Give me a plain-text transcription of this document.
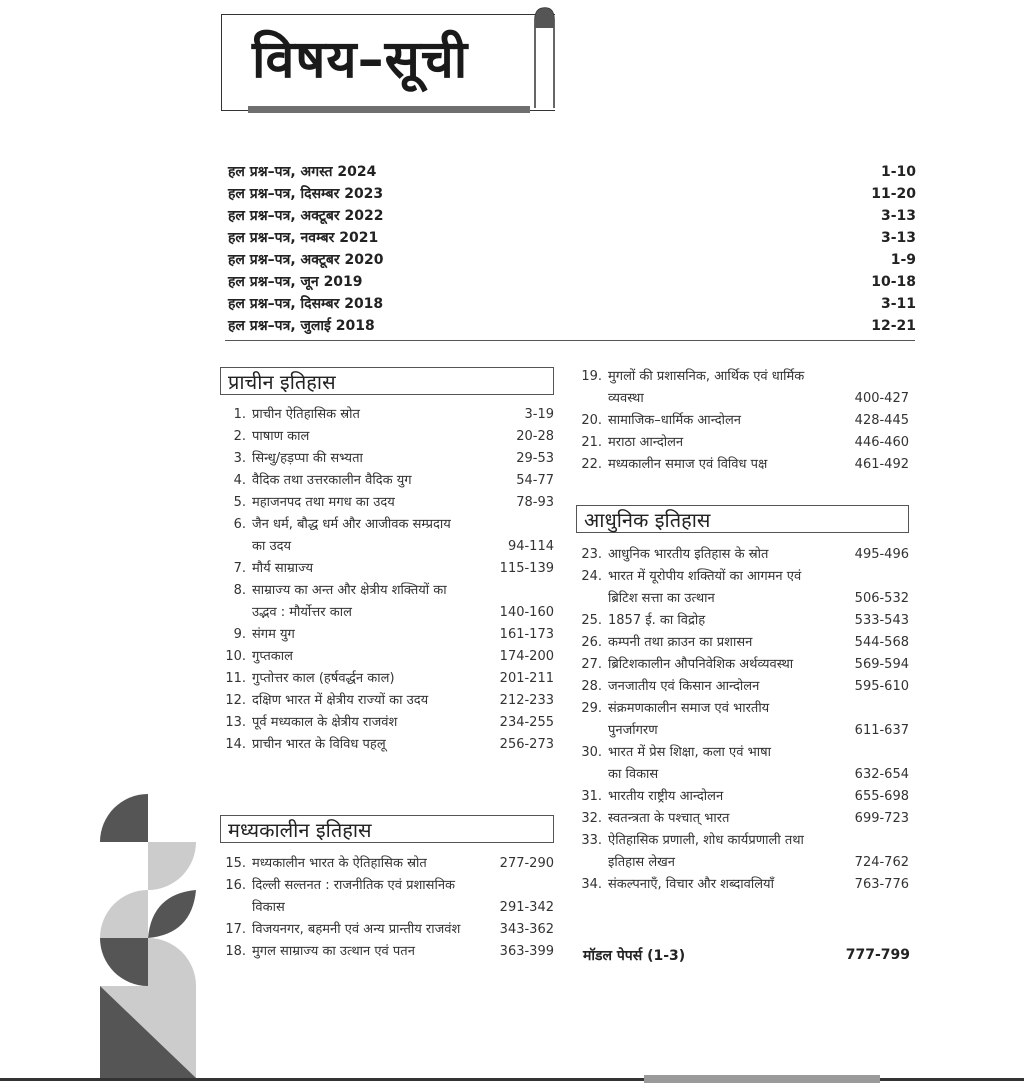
विषय–सूची
हल प्रश्न–पत्र, अगस्त 2024	1-10
हल प्रश्न–पत्र, दिसम्बर 2023	11-20
हल प्रश्न–पत्र, अक्टूबर 2022	3-13
हल प्रश्न–पत्र, नवम्बर 2021	3-13
हल प्रश्न–पत्र, अक्टूबर 2020	1-9
हल प्रश्न–पत्र, जून 2019	10-18
हल प्रश्न–पत्र, दिसम्बर 2018	3-11
हल प्रश्न–पत्र, जुलाई 2018	12-21
प्राचीन इतिहास
मध्यकालीन इतिहास
आधुनिक इतिहास
1. प्राचीन ऐतिहासिक स्रोत	3-19
2. पाषाण काल	20-28
3. सिन्धु/हड़प्पा की सभ्यता	29-53
4. वैदिक तथा उत्तरकालीन वैदिक युग	54-77
5. महाजनपद तथा मगध का उदय	78-93
6. जैन धर्म, बौद्ध धर्म और आजीवक सम्प्रदाय
का उदय	94-114
7. मौर्य साम्राज्य	115-139
8. साम्राज्य का अन्त और क्षेत्रीय शक्तियों का
उद्भव : मौर्योत्तर काल	140-160
9. संगम युग	161-173
10. गुप्तकाल	174-200
11. गुप्तोत्तर काल (हर्षवर्द्धन काल)	201-211
12. दक्षिण भारत में क्षेत्रीय राज्यों का उदय	212-233
13. पूर्व मध्यकाल के क्षेत्रीय राजवंश	234-255
14. प्राचीन भारत के विविध पहलू	256-273
15. मध्यकालीन भारत के ऐतिहासिक स्रोत	277-290
16. दिल्ली सल्तनत : राजनीतिक एवं प्रशासनिक
विकास	291-342
17. विजयनगर, बहमनी एवं अन्य प्रान्तीय राजवंश	343-362
18. मुगल साम्राज्य का उत्थान एवं पतन	363-399
19. मुगलों की प्रशासनिक, आर्थिक एवं धार्मिक
व्यवस्था	400-427
20. सामाजिक–धार्मिक आन्दोलन	428-445
21. मराठा आन्दोलन	446-460
22. मध्यकालीन समाज एवं विविध पक्ष	461-492
23. आधुनिक भारतीय इतिहास के स्रोत	495-496
24. भारत में यूरोपीय शक्तियों का आगमन एवं
ब्रिटिश सत्ता का उत्थान	506-532
25. 1857 ई. का विद्रोह	533-543
26. कम्पनी तथा क्राउन का प्रशासन	544-568
27. ब्रिटिशकालीन औपनिवेशिक अर्थव्यवस्था	569-594
28. जनजातीय एवं किसान आन्दोलन	595-610
29. संक्रमणकालीन समाज एवं भारतीय
पुनर्जागरण	611-637
30. भारत में प्रेस शिक्षा, कला एवं भाषा
का विकास	632-654
31. भारतीय राष्ट्रीय आन्दोलन	655-698
32. स्वतन्त्रता के पश्चात् भारत	699-723
33. ऐतिहासिक प्रणाली, शोध कार्यप्रणाली तथा
इतिहास लेखन	724-762
34. संकल्पनाएँ, विचार और शब्दावलियाँ	763-776
मॉडल पेपर्स (1-3)	777-799
